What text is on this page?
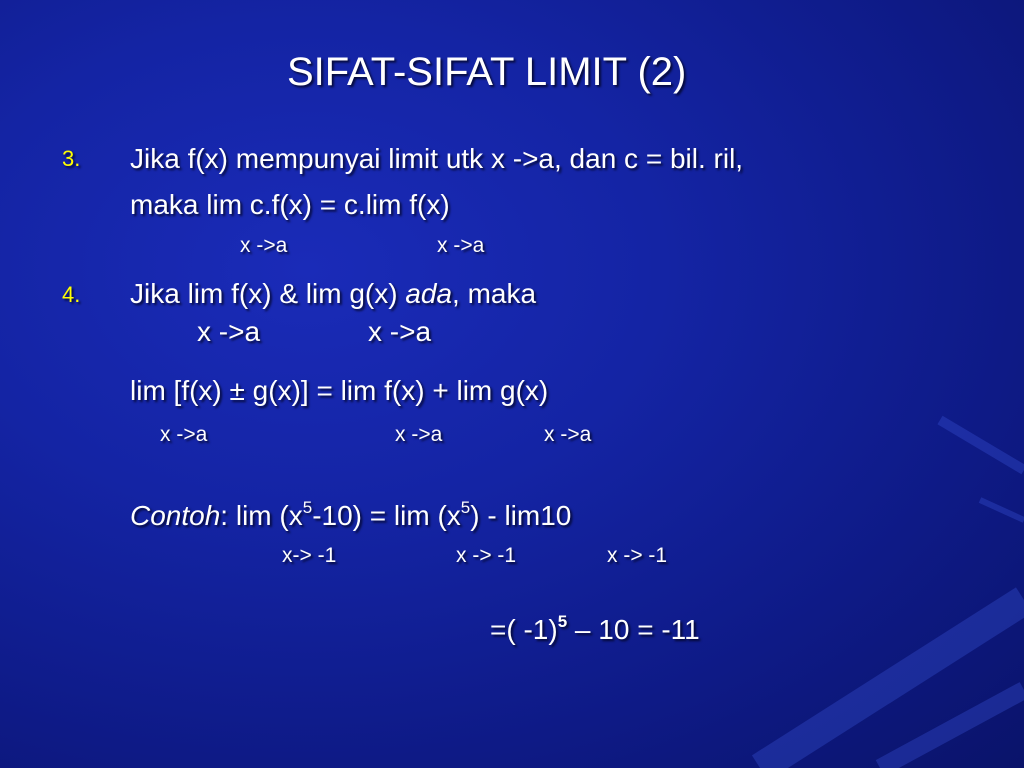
SIFAT-SIFAT LIMIT (2)
3. Jika f(x) mempunyai limit utk x ->a, dan c = bil. ril,
maka lim c.f(x) = c.lim f(x)
x ->a	x ->a
4. Jika lim f(x) & lim g(x) ada, maka
x ->a	x ->a
lim [f(x) ± g(x)] = lim f(x) + lim g(x)
x ->a	x ->a	x ->a
Contoh: $\lim (x^5-10) = \lim (x^5) - \lim 10$
x-> -1	x -> -1	x -> -1
=( -1)$^5$ – 10 = -11
